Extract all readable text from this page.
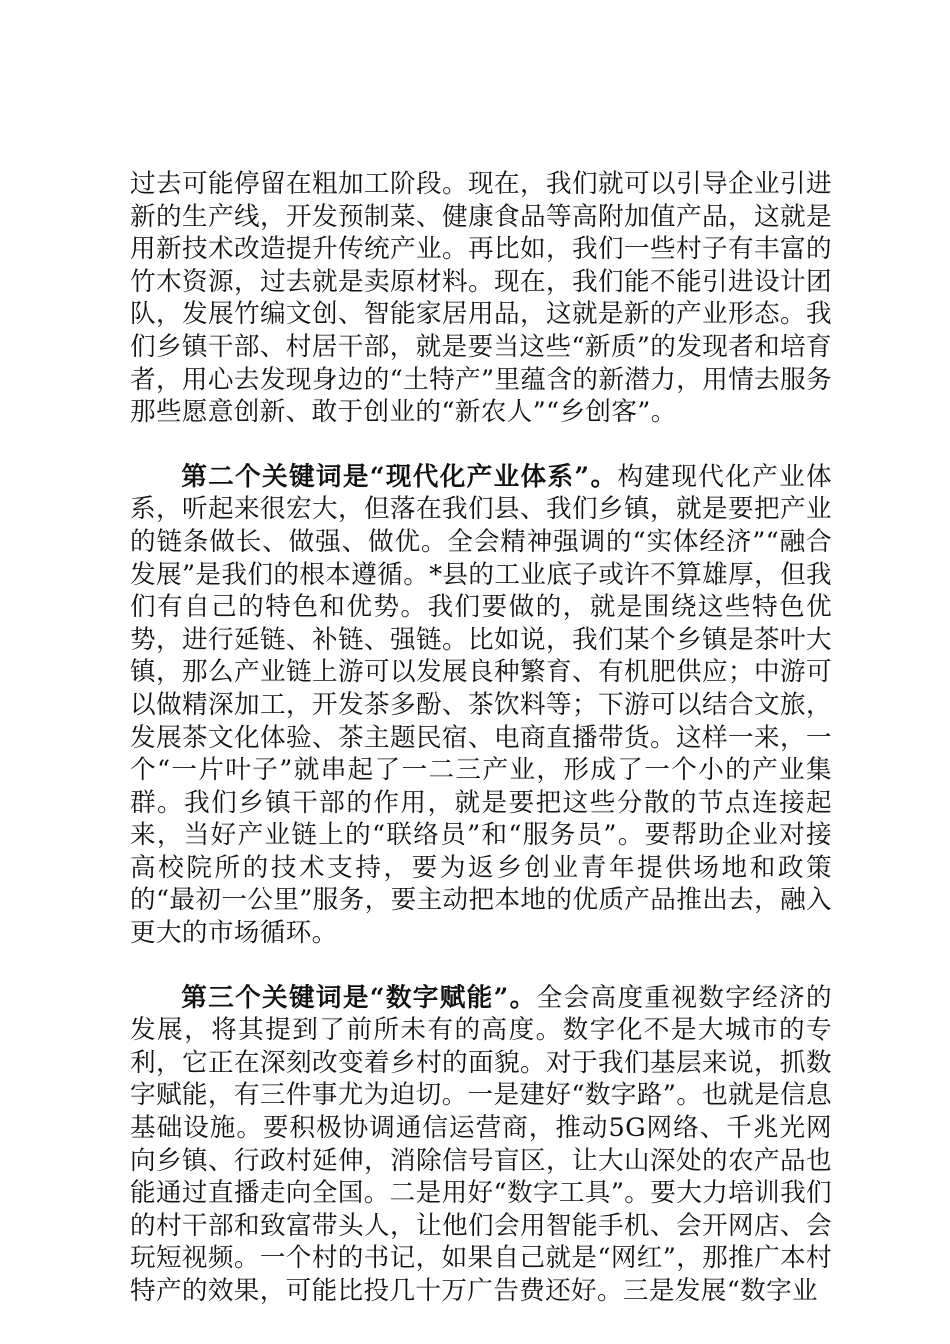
过去可能停留在粗加工阶段。现在，我们就可以引导企业引进新的生产线，开发预制菜、健康食品等高附加值产品，这就是用新技术改造提升传统产业。再比如，我们一些村子有丰富的竹木资源，过去就是卖原材料。现在，我们能不能引进设计团队，发展竹编文创、智能家居用品，这就是新的产业形态。我们乡镇干部、村居干部，就是要当这些“新质”的发现者和培育者，用心去发现身边的“土特产”里蕴含的新潜力，用情去服务那些愿意创新、敢于创业的“新农人”“乡创客”。

第二个关键词是“现代化产业体系”。构建现代化产业体系，听起来很宏大，但落在我们县、我们乡镇，就是要把产业的链条做长、做强、做优。全会精神强调的“实体经济”“融合发展”是我们的根本遵循。*县的工业底子或许不算雄厚，但我们有自己的特色和优势。我们要做的，就是围绕这些特色优势，进行延链、补链、强链。比如说，我们某个乡镇是茶叶大镇，那么产业链上游可以发展良种繁育、有机肥供应；中游可以做精深加工，开发茶多酚、茶饮料等；下游可以结合文旅，发展茶文化体验、茶主题民宿、电商直播带货。这样一来，一个“一片叶子”就串起了一二三产业，形成了一个小的产业集群。我们乡镇干部的作用，就是要把这些分散的节点连接起来，当好产业链上的“联络员”和“服务员”。要帮助企业对接高校院所的技术支持，要为返乡创业青年提供场地和政策的“最初一公里”服务，要主动把本地的优质产品推出去，融入更大的市场循环。

第三个关键词是“数字赋能”。全会高度重视数字经济的发展，将其提到了前所未有的高度。数字化不是大城市的专利，它正在深刻改变着乡村的面貌。对于我们基层来说，抓数字赋能，有三件事尤为迫切。一是建好“数字路”。也就是信息基础设施。要积极协调通信运营商，推动5G网络、千兆光网向乡镇、行政村延伸，消除信号盲区，让大山深处的农产品也能通过直播走向全国。二是用好“数字工具”。要大力培训我们的村干部和致富带头人，让他们会用智能手机、会开网店、会玩短视频。一个村的书记，如果自己就是“网红”，那推广本村特产的效果，可能比投几十万广告费还好。三是发展“数字业
